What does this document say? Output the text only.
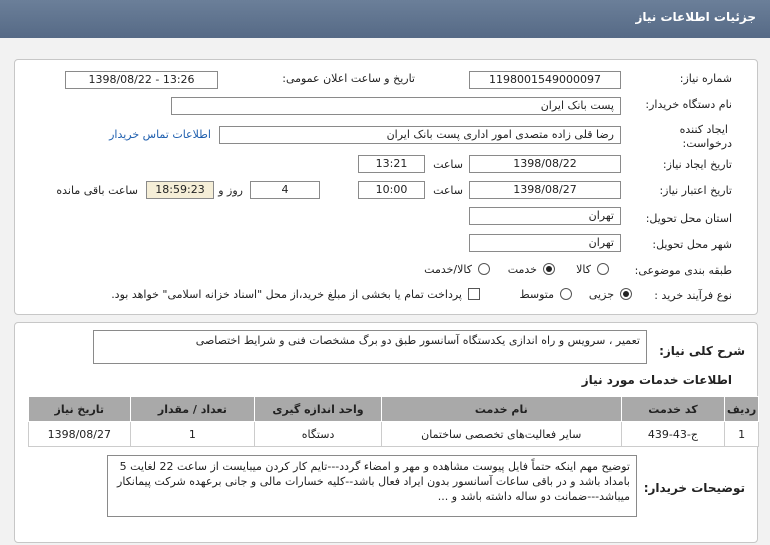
جزئیات اطلاعات نیاز
شماره نیاز:
1198001549000097
تاریخ و ساعت اعلان عمومی:
1398/08/22 - 13:26
نام دستگاه خریدار:
پست بانک ایران
ایجاد کننده
درخواست:
رضا قلی زاده متصدی امور اداری پست بانک ایران
اطلاعات تماس خریدار
تاریخ ایجاد نیاز:
1398/08/22
ساعت
13:21
تاریخ اعتبار نیاز:
1398/08/27
ساعت
10:00
4
روز و
18:59:23
ساعت باقی مانده
استان محل تحویل:
تهران
شهر محل تحویل:
تهران
طبقه بندی موضوعی:
کالا
خدمت
کالا/خدمت
نوع فرآیند خرید :
جزیی
متوسط
پرداخت تمام یا بخشی از مبلغ خرید،از محل "اسناد خزانه اسلامی" خواهد بود.
شرح کلی نیاز:
تعمیر ، سرویس و راه اندازی یکدستگاه آسانسور طبق دو برگ مشخصات فنی و شرایط اختصاصی
اطلاعات خدمات مورد نیاز
ردیف	کد خدمت	نام خدمت	واحد اندازه گیری	تعداد / مقدار	تاریخ نیاز
1	ج-43-439	سایر فعالیت‌های تخصصی ساختمان	دستگاه	1	1398/08/27
توضیحات خریدار:
توضیح مهم اینکه حتماً فایل پیوست مشاهده و مهر و امضاء گردد---تایم کار کردن میبایست از ساعت 22 لغایت 5 بامداد باشد و در باقی ساعات آسانسور بدون ایراد فعال باشد--کلیه خسارات مالی و جانی برعهده شرکت پیمانکار میباشد---ضمانت دو ساله داشته باشد و ...
